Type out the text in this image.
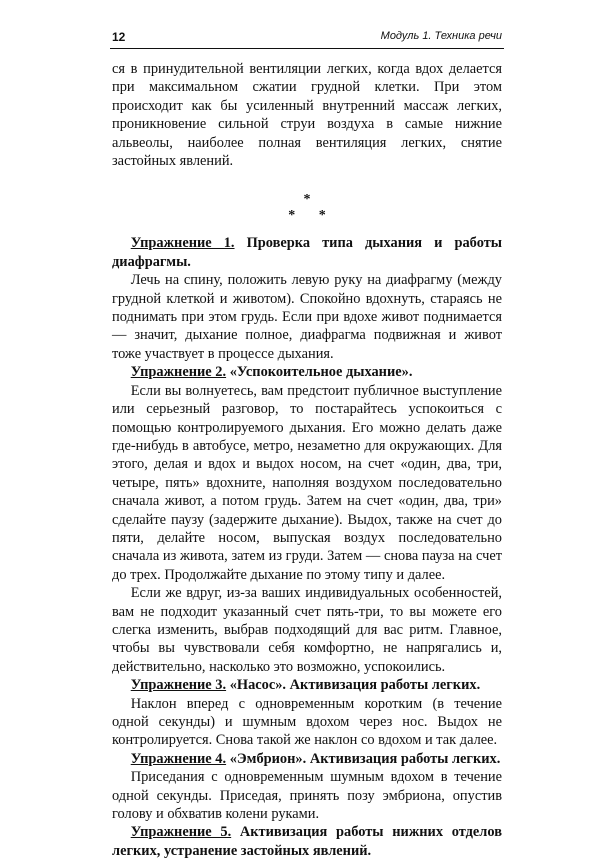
12	Модуль 1. Техника речи

ся в принудительной вентиляции легких, когда вдох делается при максимальном сжатии грудной клетки. При этом происходит как бы усиленный внутренний массаж легких, проникновение сильной струи воздуха в самые нижние альвеолы, наиболее полная вентиляция легких, снятие застойных явлений.

*
* *

Упражнение 1. Проверка типа дыхания и работы диафрагмы.

Лечь на спину, положить левую руку на диафрагму (между грудной клеткой и животом). Спокойно вдохнуть, стараясь не поднимать при этом грудь. Если при вдохе живот поднимается — значит, дыхание полное, диафрагма подвижная и живот тоже участвует в процессе дыхания.

Упражнение 2. «Успокоительное дыхание».

Если вы волнуетесь, вам предстоит публичное выступление или серьезный разговор, то постарайтесь успокоиться с помощью контролируемого дыхания. Его можно делать даже где-нибудь в автобусе, метро, незаметно для окружающих. Для этого, делая и вдох и выдох носом, на счет «один, два, три, четыре, пять» вдохните, наполняя воздухом последовательно сначала живот, а потом грудь. Затем на счет «один, два, три» сделайте паузу (задержите дыхание). Выдох, также на счет до пяти, делайте носом, выпуская воздух последовательно сначала из живота, затем из груди. Затем — снова пауза на счет до трех. Продолжайте дыхание по этому типу и далее.

Если же вдруг, из-за ваших индивидуальных особенностей, вам не подходит указанный счет пять-три, то вы можете его слегка изменить, выбрав подходящий для вас ритм. Главное, чтобы вы чувствовали себя комфортно, не напрягались и, действительно, насколько это возможно, успокоились.

Упражнение 3. «Насос». Активизация работы легких.

Наклон вперед с одновременным коротким (в течение одной секунды) и шумным вдохом через нос. Выдох не контролируется. Снова такой же наклон со вдохом и так далее.

Упражнение 4. «Эмбрион». Активизация работы легких.

Приседания с одновременным шумным вдохом в течение одной секунды. Приседая, принять позу эмбриона, опустив голову и обхватив колени руками.

Упражнение 5. Активизация работы нижних отделов легких, устранение застойных явлений.
